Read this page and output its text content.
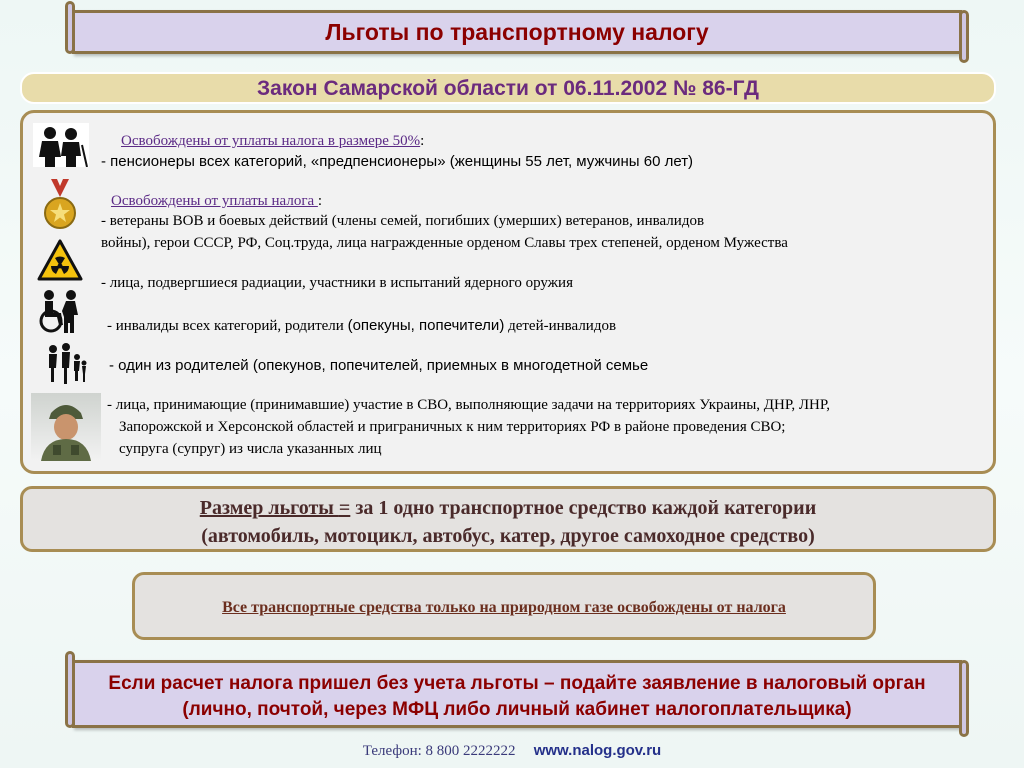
Льготы по транспортному налогу
Закон Самарской области от 06.11.2002 № 86-ГД
Освобождены от уплаты налога в размере 50%:
- пенсионеры всех категорий, «предпенсионеры» (женщины 55 лет, мужчины 60 лет)
Освобождены от уплаты налога :
- ветераны ВОВ и боевых действий (члены семей, погибших (умерших) ветеранов, инвалидов
войны), герои СССР, РФ, Соц.труда, лица награжденные орденом Славы трех степеней, орденом Мужества
- лица, подвергшиеся радиации, участники в испытаний ядерного оружия
- инвалиды всех категорий, родители (опекуны, попечители) детей-инвалидов
- один из родителей (опекунов, попечителей, приемных в многодетной семье
- лица, принимающие (принимавшие) участие в СВО, выполняющие задачи на территориях Украины, ДНР, ЛНР,
Запорожской и Херсонской областей и приграничных к ним территориях РФ в районе проведения СВО;
супруга (супруг) из числа указанных лиц
Размер льготы = за 1 одно транспортное средство каждой категории
(автомобиль, мотоцикл, автобус, катер, другое самоходное средство)
Все транспортные средства только на природном газе освобождены от налога
Если расчет налога пришел без учета льготы – подайте заявление в налоговый орган
(лично, почтой, через МФЦ либо личный кабинет налогоплательщика)
Телефон: 8 800 2222222 www.nalog.gov.ru
